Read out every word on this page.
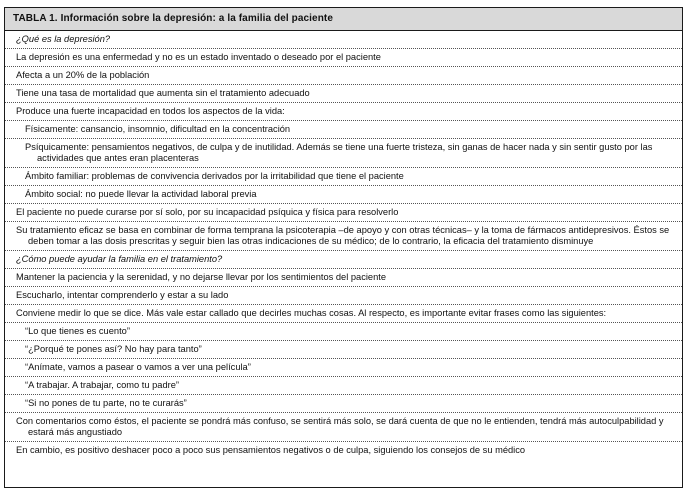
TABLA 1. Información sobre la depresión: a la familia del paciente
¿Qué es la depresión?
La depresión es una enfermedad y no es un estado inventado o deseado por el paciente
Afecta a un 20% de la población
Tiene una tasa de mortalidad que aumenta sin el tratamiento adecuado
Produce una fuerte incapacidad en todos los aspectos de la vida:
Físicamente: cansancio, insomnio, dificultad en la concentración
Psíquicamente: pensamientos negativos, de culpa y de inutilidad. Además se tiene una fuerte tristeza, sin ganas de hacer nada y sin sentir gusto por las actividades que antes eran placenteras
Ámbito familiar: problemas de convivencia derivados por la irritabilidad que tiene el paciente
Ámbito social: no puede llevar la actividad laboral previa
El paciente no puede curarse por sí solo, por su incapacidad psíquica y física para resolverlo
Su tratamiento eficaz se basa en combinar de forma temprana la psicoterapia –de apoyo y con otras técnicas– y la toma de fármacos antidepresivos. Éstos se deben tomar a las dosis prescritas y seguir bien las otras indicaciones de su médico; de lo contrario, la eficacia del tratamiento disminuye
¿Cómo puede ayudar la familia en el tratamiento?
Mantener la paciencia y la serenidad, y no dejarse llevar por los sentimientos del paciente
Escucharlo, intentar comprenderlo y estar a su lado
Conviene medir lo que se dice. Más vale estar callado que decirles muchas cosas. Al respecto, es importante evitar frases como las siguientes:
“Lo que tienes es cuento”
“¿Porqué te pones así? No hay para tanto”
“Anímate, vamos a pasear o vamos a ver una película”
“A trabajar. A trabajar, como tu padre”
“Si no pones de tu parte, no te curarás”
Con comentarios como éstos, el paciente se pondrá más confuso, se sentirá más solo, se dará cuenta de que no le entienden, tendrá más autoculpabilidad y estará más angustiado
En cambio, es positivo deshacer poco a poco sus pensamientos negativos o de culpa, siguiendo los consejos de su médico
